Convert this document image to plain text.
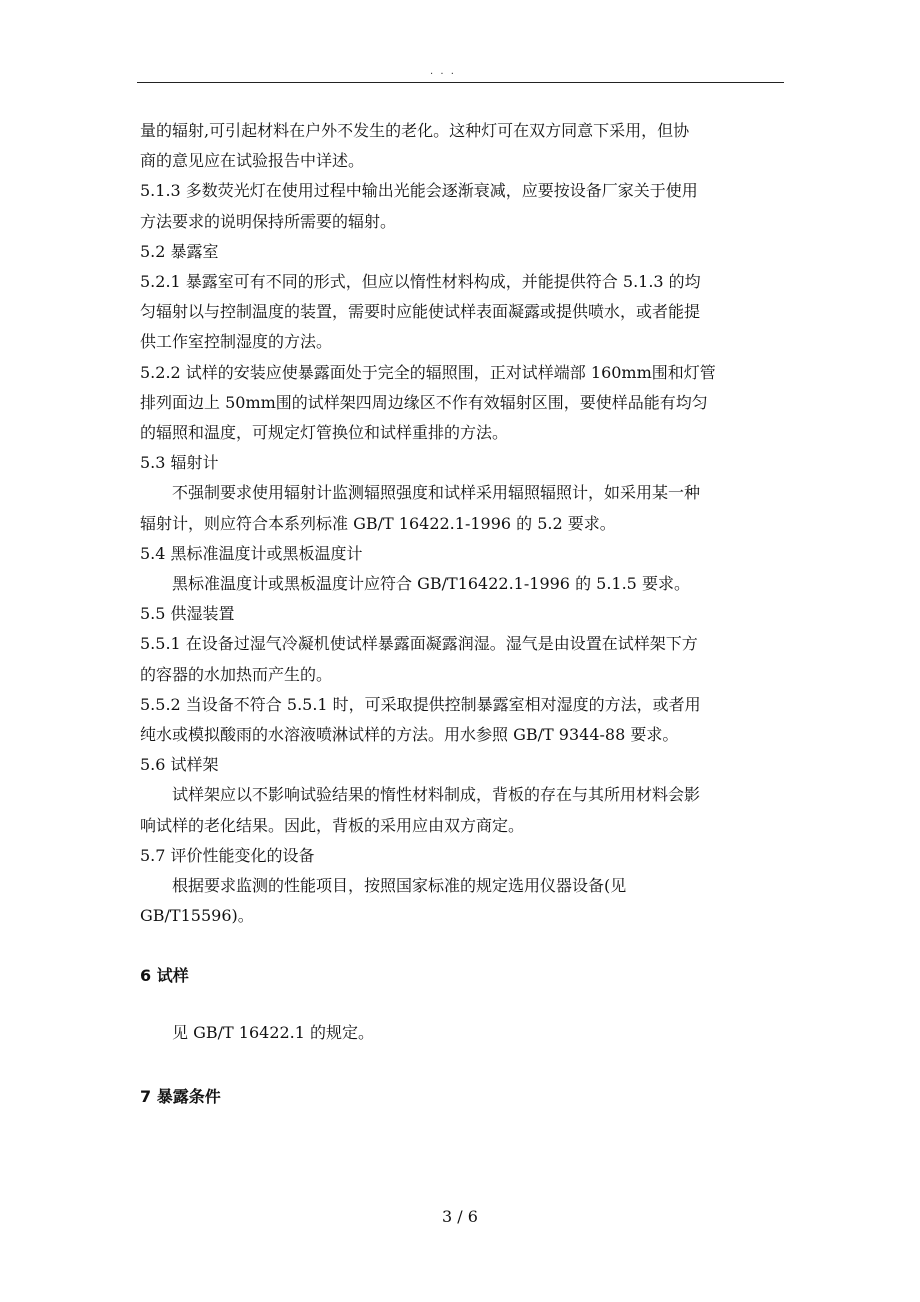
. . .

量的辐射,可引起材料在户外不发生的老化。这种灯可在双方同意下采用，但协

商的意见应在试验报告中详述。

5.1.3 多数荧光灯在使用过程中输出光能会逐渐衰减，应要按设备厂家关于使用

方法要求的说明保持所需要的辐射。

5.2 暴露室

5.2.1 暴露室可有不同的形式，但应以惰性材料构成，并能提供符合 5.1.3 的均

匀辐射以与控制温度的装置，需要时应能使试样表面凝露或提供喷水，或者能提

供工作室控制湿度的方法。

5.2.2 试样的安装应使暴露面处于完全的辐照围，正对试样端部 160mm围和灯管

排列面边上 50mm围的试样架四周边缘区不作有效辐射区围，要使样品能有均匀

的辐照和温度，可规定灯管换位和试样重排的方法。

5.3 辐射计

不强制要求使用辐射计监测辐照强度和试样采用辐照辐照计，如采用某一种

辐射计，则应符合本系列标准 GB/T 16422.1-1996 的 5.2 要求。

5.4 黑标准温度计或黑板温度计

黑标准温度计或黑板温度计应符合 GB/T16422.1-1996 的 5.1.5 要求。

5.5 供湿装置

5.5.1 在设备过湿气冷凝机使试样暴露面凝露润湿。湿气是由设置在试样架下方

的容器的水加热而产生的。

5.5.2 当设备不符合 5.5.1 时，可采取提供控制暴露室相对湿度的方法，或者用

纯水或模拟酸雨的水溶液喷淋试样的方法。用水参照 GB/T 9344-88 要求。

5.6 试样架

试样架应以不影响试验结果的惰性材料制成，背板的存在与其所用材料会影

响试样的老化结果。因此，背板的采用应由双方商定。

5.7 评价性能变化的设备

根据要求监测的性能项目，按照国家标准的规定选用仪器设备(见

GB/T15596)。

6 试样

见 GB/T 16422.1 的规定。

7 暴露条件

3 / 6
